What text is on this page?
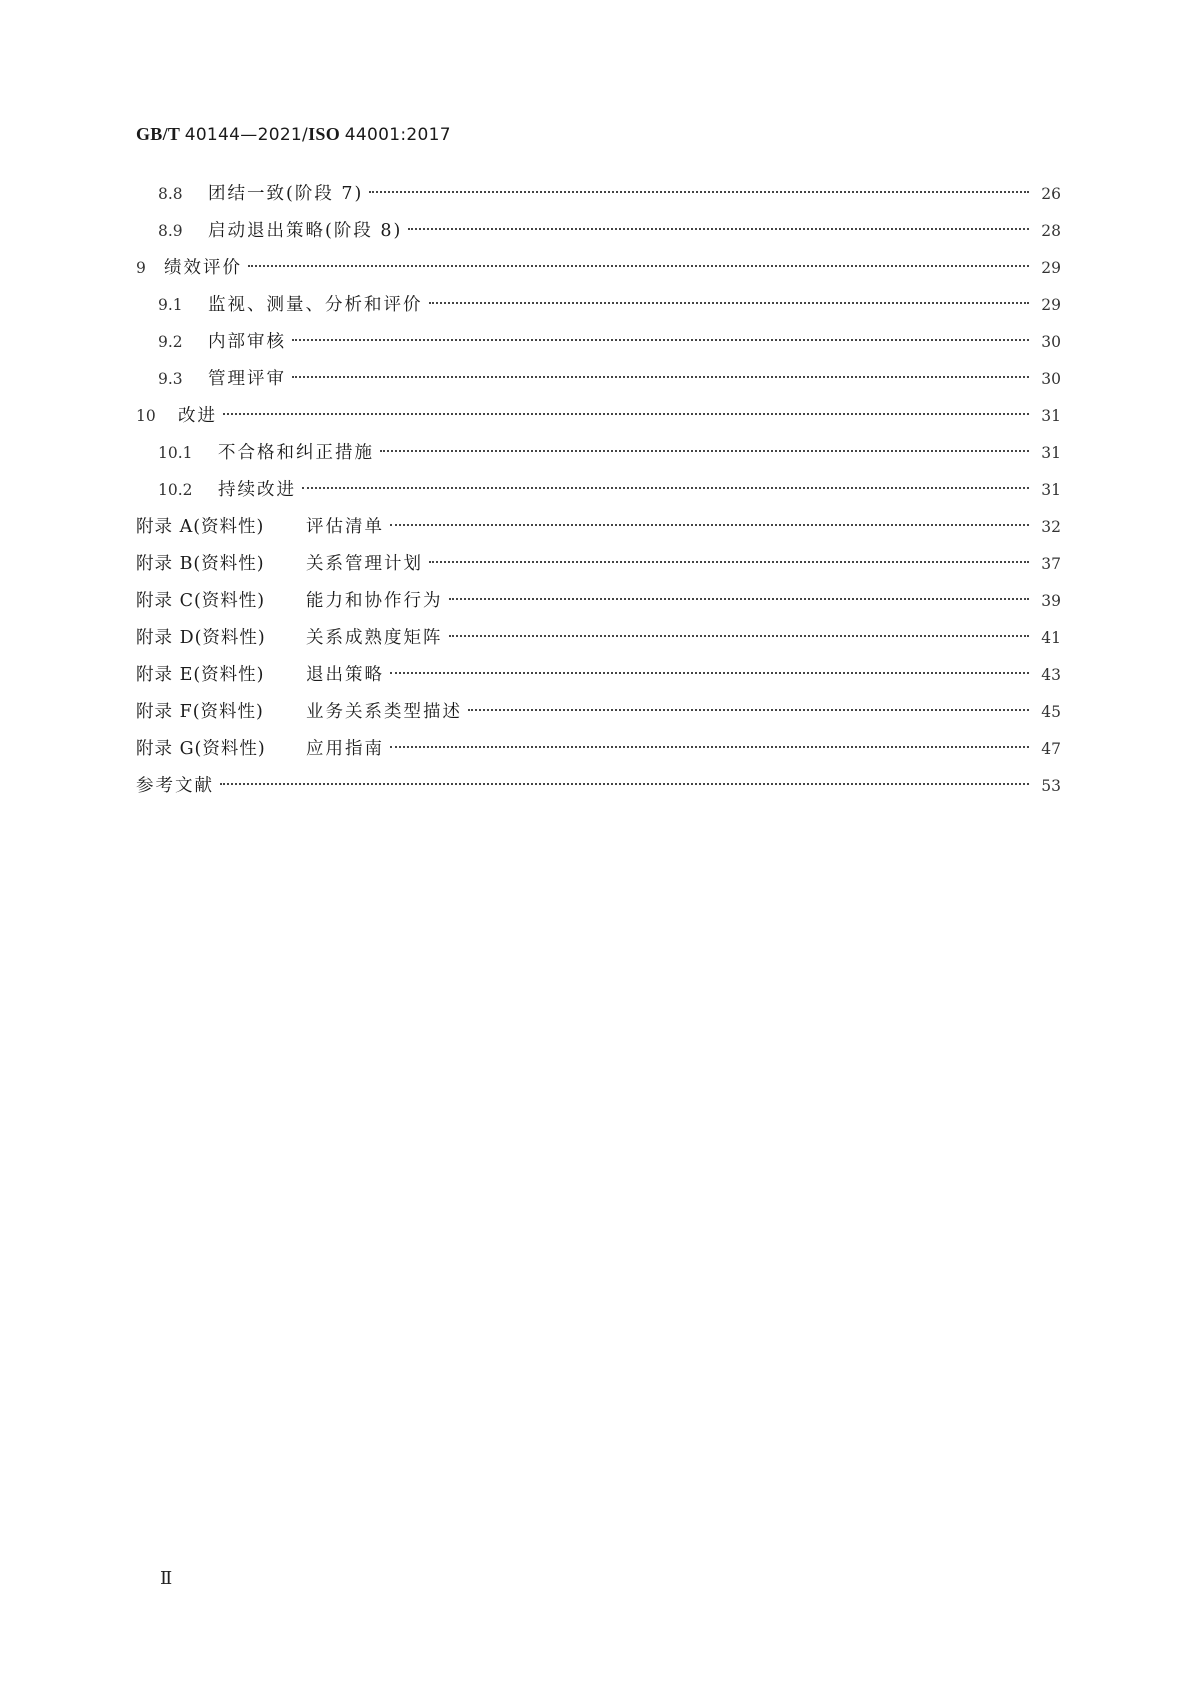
GB/T 40144—2021/ISO 44001:2017
8.8	团结一致(阶段 7)	26
8.9	启动退出策略(阶段 8)	28
9	绩效评价	29
9.1	监视、测量、分析和评价	29
9.2	内部审核	30
9.3	管理评审	30
10	改进	31
10.1	不合格和纠正措施	31
10.2	持续改进	31
附录 A(资料性)	评估清单	32
附录 B(资料性)	关系管理计划	37
附录 C(资料性)	能力和协作行为	39
附录 D(资料性)	关系成熟度矩阵	41
附录 E(资料性)	退出策略	43
附录 F(资料性)	业务关系类型描述	45
附录 G(资料性)	应用指南	47
参考文献	53
Ⅱ
